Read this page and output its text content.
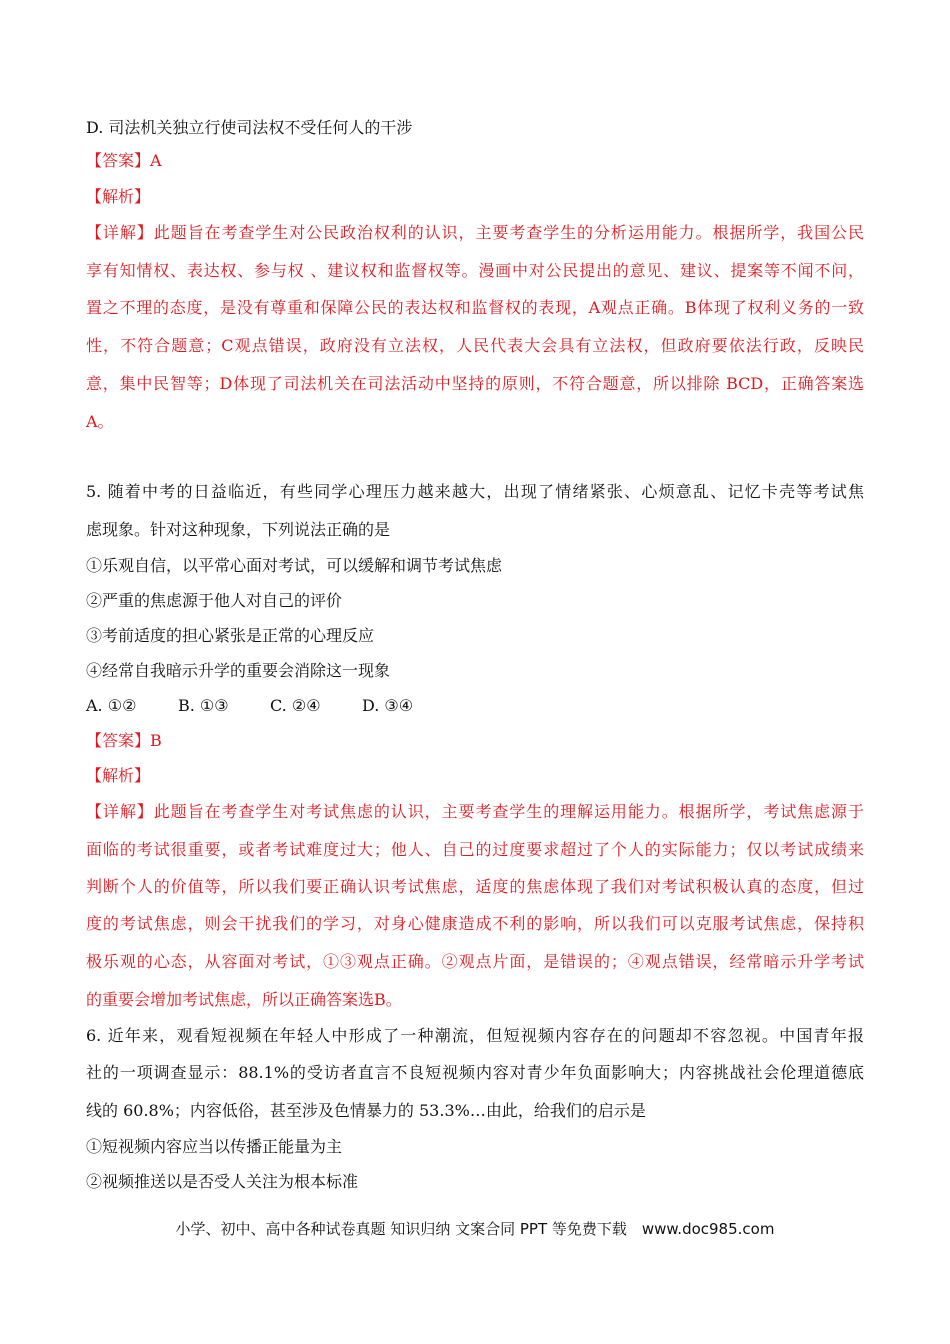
D. 司法机关独立行使司法权不受任何人的干涉

【答案】A

【解析】

【详解】此题旨在考查学生对公民政治权利的认识，主要考查学生的分析运用能力。根据所学，我国公民

享有知情权、表达权、参与权 、建议权和监督权等。漫画中对公民提出的意见、建议、提案等不闻不问，

置之不理的态度，是没有尊重和保障公民的表达权和监督权的表现，A观点正确。B体现了权利义务的一致

性，不符合题意；C观点错误，政府没有立法权，人民代表大会具有立法权，但政府要依法行政，反映民

意，集中民智等；D体现了司法机关在司法活动中坚持的原则，不符合题意，所以排除 BCD，正确答案选

A。

5. 随着中考的日益临近，有些同学心理压力越来越大，出现了情绪紧张、心烦意乱、记忆卡壳等考试焦

虑现象。针对这种现象，下列说法正确的是

①乐观自信，以平常心面对考试，可以缓解和调节考试焦虑

②严重的焦虑源于他人对自己的评价

③考前适度的担心紧张是正常的心理反应

④经常自我暗示升学的重要会消除这一现象

A. ①②	B. ①③	C. ②④	D. ③④

【答案】B

【解析】

【详解】此题旨在考查学生对考试焦虑的认识，主要考查学生的理解运用能力。根据所学，考试焦虑源于

面临的考试很重要，或者考试难度过大；他人、自己的过度要求超过了个人的实际能力；仅以考试成绩来

判断个人的价值等，所以我们要正确认识考试焦虑，适度的焦虑体现了我们对考试积极认真的态度，但过

度的考试焦虑，则会干扰我们的学习，对身心健康造成不利的影响，所以我们可以克服考试焦虑，保持积

极乐观的心态，从容面对考试，①③观点正确。②观点片面，是错误的；④观点错误，经常暗示升学考试

的重要会增加考试焦虑，所以正确答案选B。

6. 近年来，观看短视频在年轻人中形成了一种潮流，但短视频内容存在的问题却不容忽视。中国青年报

社的一项调查显示：88.1%的受访者直言不良短视频内容对青少年负面影响大；内容挑战社会伦理道德底

线的 60.8%；内容低俗，甚至涉及色情暴力的 53.3%…由此，给我们的启示是

①短视频内容应当以传播正能量为主

②视频推送以是否受人关注为根本标准

小学、初中、高中各种试卷真题 知识归纳 文案合同 PPT 等免费下载　www.doc985.com
